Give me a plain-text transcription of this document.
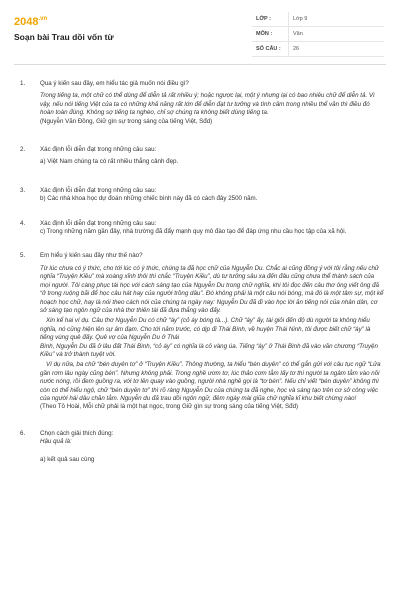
$2048^{.vn}$
Soạn bài Trau dồi vốn từ
LỚP :	Lớp 9
MÔN :	Văn
SỐ CÂU :	26
1. Qua ý kiến sau đây, em hiểu tác giả muốn nói điều gì?

Trong tiếng ta, một chữ có thể dùng để diễn tả rất nhiều ý; hoặc ngược lại, một ý nhưng lại có bao nhiêu chữ để diễn tả. Vì vậy, nếu nói tiếng Việt của ta có những khả năng rất lớn để diễn đạt tư tưởng và tình cảm trong nhiều thể văn thì điều đó hoàn toàn đúng. Không sợ tiếng ta nghèo, chỉ sợ chúng ta không biết dùng tiếng ta.

(Nguyễn Văn Đồng, Giữ gìn sự trong sáng của tiếng Việt, Sđd)

2. Xác định lỗi diễn đạt trong những câu sau:

a) Việt Nam chúng ta có rất nhiều thắng cảnh đẹp.

3. Xác định lỗi diễn đạt trong những câu sau:

b) Các nhà khoa học dự đoán những chiếc bình này đã có cách đây 2500 năm.

4. Xác định lỗi diễn đạt trong những câu sau:

c) Trong những năm gần đây, nhà trường đã đẩy mạnh quy mô đào tạo để đáp ứng nhu cầu học tập của xã hội.

5. Em hiểu ý kiến sau đây như thế nào?

Từ lúc chưa có ý thức, cho tới lúc có ý thức, chúng ta đã học chữ của Nguyễn Du. Chắc ai cũng đồng ý với tôi rằng nếu chữ nghĩa “Truyện Kiều” mà xoàng xĩnh thôi thì chắc “Truyện Kiều”, dù tư tưởng sâu xa đến đâu cũng chưa thể thành sách của mọi người. Tôi càng phục tài học với cách sáng tạo của Nguyễn Du trong chữ nghĩa, khi tôi đọc đến câu thơ ông viết ông đã “ở trong ruộng bãi để học câu hát hay của người trồng dâu”. Đó không phải là một câu nói bóng, mà đó là một tâm sự, một kể hoạch học chữ, hay là nói theo cách nói của chúng ta ngày nay: Nguyễn Du đã đi vào học lời ăn tiếng nói của nhân dân, cơ sở sáng tạo ngôn ngữ của nhà thơ thiên tài đã đựa thắng vào đấy.

Xin kể hai ví dụ. Câu thơ Nguyễn Du có chữ “áy” (cỏ áy bóng tà...). Chữ “áy” ấy, tài giỏi đến độ dù người ta không hiểu nghĩa, nó cũng hiện lên sự ảm đạm. Cho tới năm trước, có dịp đi Thái Bình, về huyện Thái Ninh, tôi được biết chữ “áy” là tiếng vùng quê đấy. Quê vợ của Nguyễn Du ở Thái

Bình, Nguyễn Du đã ở lâu đất Thái Bình, “cỏ áy” có nghĩa là cỏ vàng úa. Tiếng “áy” ở Thái Bình đã vào văn chương “Truyện Kiều” và trở thành tuyệt vời.

Ví dụ nữa, ba chữ “bén duyên tơ” ở “Truyện Kiều”. Thông thường, ta hiểu “bén duyên” có thể gắn gửi với câu tục ngữ “Lửa gần rơm lâu ngày cũng bén”. Nhưng không phải. Trong nghề ươm tơ, lúc thảo cơm tằm lấy tơ thì người ta ngâm tằm vào nồi nước nóng, rồi đem guồng ra, với tơ lên quay vào guồng, người nhà nghề gọi là “tơ bén”. Nếu chỉ viết “bén duyên” không thì còn có thể hiểu ngộ, chữ “bén duyên tơ” thì rõ ràng Nguyễn Du của chúng ta đã nghe, học và sáng tạo trên cơ sở công việc của người hái dâu chăn tằm. Nguyễn du đã trau dồi ngôn ngữ, đêm ngày mài giũa chữ nghĩa kĩ khu biết chừng nào!

(Theo Tô Hoài, Mỗi chữ phải là một hạt ngọc, trong Giữ gìn sự trong sáng của tiếng Việt, Sđd)

6. Chọn cách giải thích đúng:

Hậu quả là:

a) kết quả sau cùng
